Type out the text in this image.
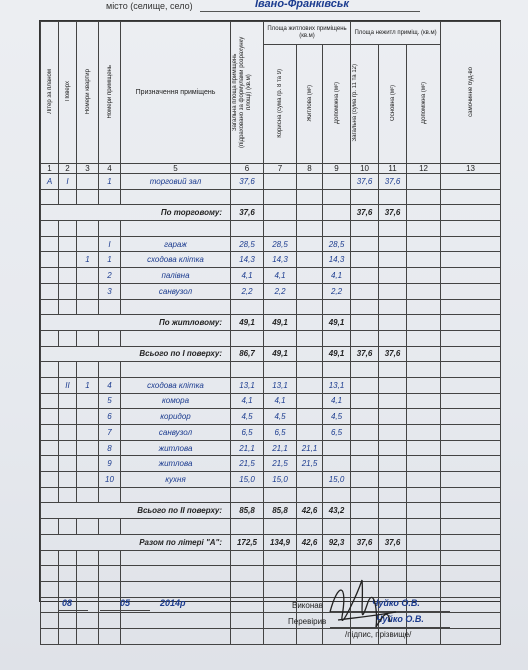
місто (селище, село)	Івано-Франківськ
Літер за планом	Поверх	Номери квартир	Номери приміщень	Призначення приміщень	Загальна площа приміщень (підраховано за формулами розрахунку площі) (кв.м)	Площа житлових приміщень (кв.м)			Площа нежитл приміщ. (кв.м)			самочинне буд-во
						Корисна (сума гр. 8 та 9)	Житлова (м²)	Допоміжна (м²)	Загальна (сума гр. 11 та 12)	Основна (м²)	Допоміжна (м²)	
1	2	3	4	5	6	7	8	9	10	11	12	13
А	I		1	торговий зал	37,6				37,6	37,6		

По торговому:					37,6				37,6	37,6		

			I	гараж	28,5	28,5		28,5				
		1	1	сходова клітка	14,3	14,3		14,3				
			2	палівна	4,1	4,1		4,1				
			3	санвузол	2,2	2,2		2,2				

По житловому:					49,1	49,1		49,1				

Всього по I поверху:					86,7	49,1		49,1	37,6	37,6		

	II	1	4	сходова клітка	13,1	13,1		13,1				
			5	комора	4,1	4,1		4,1				
			6	коридор	4,5	4,5		4,5				
			7	санвузол	6,5	6,5		6,5				
			8	житлова	21,1	21,1	21,1					
			9	житлова	21,5	21,5	21,5					
			10	кухня	15,0	15,0		15,0				

Всього по II поверху:					85,8	85,8	42,6	43,2				

Разом по літері "А":					172,5	134,9	42,6	92,3	37,6	37,6		

08	05	2014р	Виконав	Чуйко О.В.
Перевірив	Чуйко О.В.
/підпис, прізвище/
